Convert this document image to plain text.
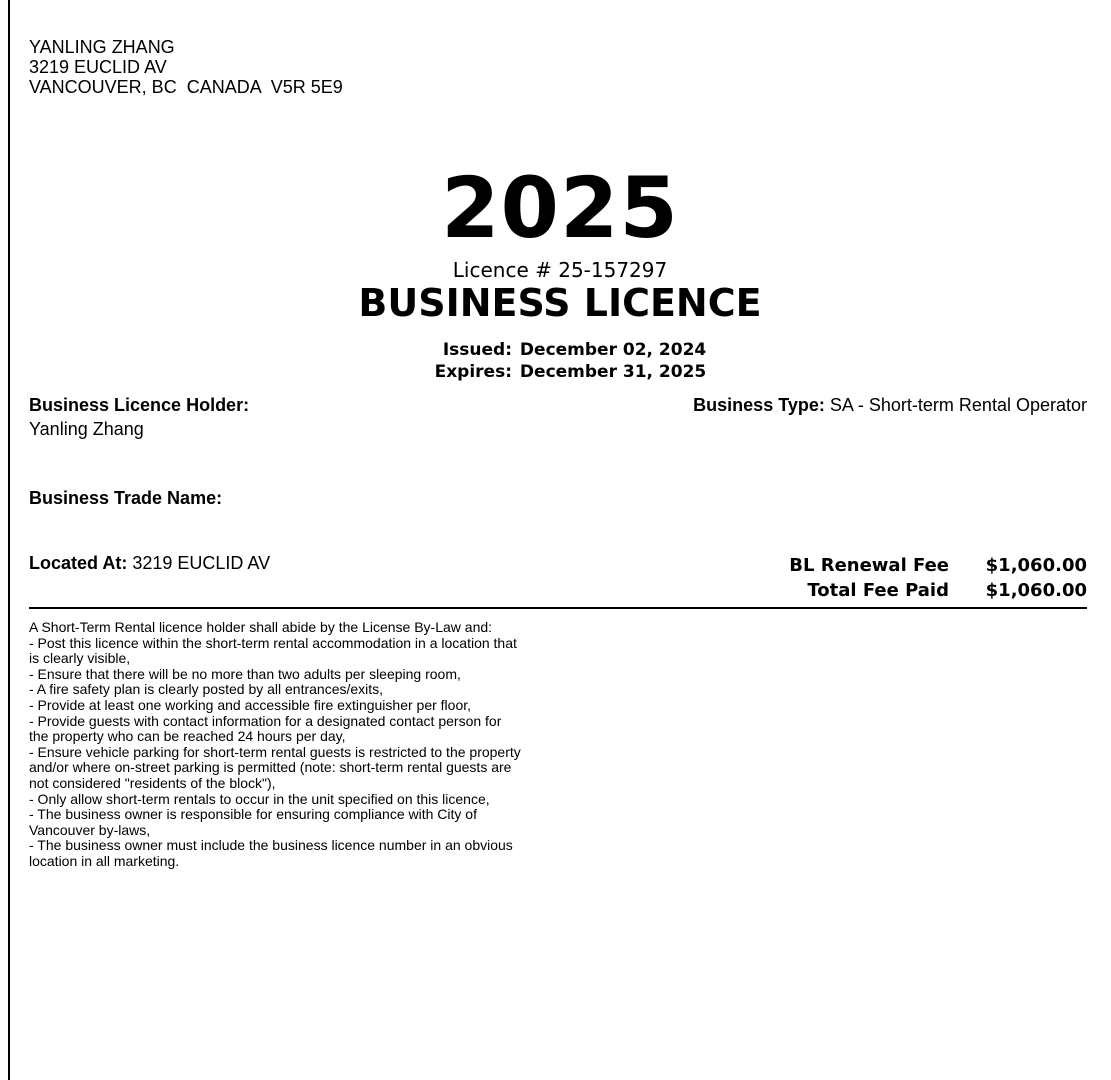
YANLING ZHANG
3219 EUCLID AV
VANCOUVER, BC  CANADA  V5R 5E9
2025
Licence # 25-157297
BUSINESS LICENCE
Issued: December 02, 2024
Expires: December 31, 2025
Business Licence Holder:
Yanling Zhang
Business Type: SA - Short-term Rental Operator
Business Trade Name:
Located At: 3219 EUCLID AV	BL Renewal Fee	$1,060.00
Total Fee Paid	$1,060.00
A Short-Term Rental licence holder shall abide by the License By-Law and:
- Post this licence within the short-term rental accommodation in a location that
is clearly visible,
- Ensure that there will be no more than two adults per sleeping room,
- A fire safety plan is clearly posted by all entrances/exits,
- Provide at least one working and accessible fire extinguisher per floor,
- Provide guests with contact information for a designated contact person for
the property who can be reached 24 hours per day,
- Ensure vehicle parking for short-term rental guests is restricted to the property
and/or where on-street parking is permitted (note: short-term rental guests are
not considered "residents of the block"),
- Only allow short-term rentals to occur in the unit specified on this licence,
- The business owner is responsible for ensuring compliance with City of
Vancouver by-laws,
- The business owner must include the business licence number in an obvious
location in all marketing.
